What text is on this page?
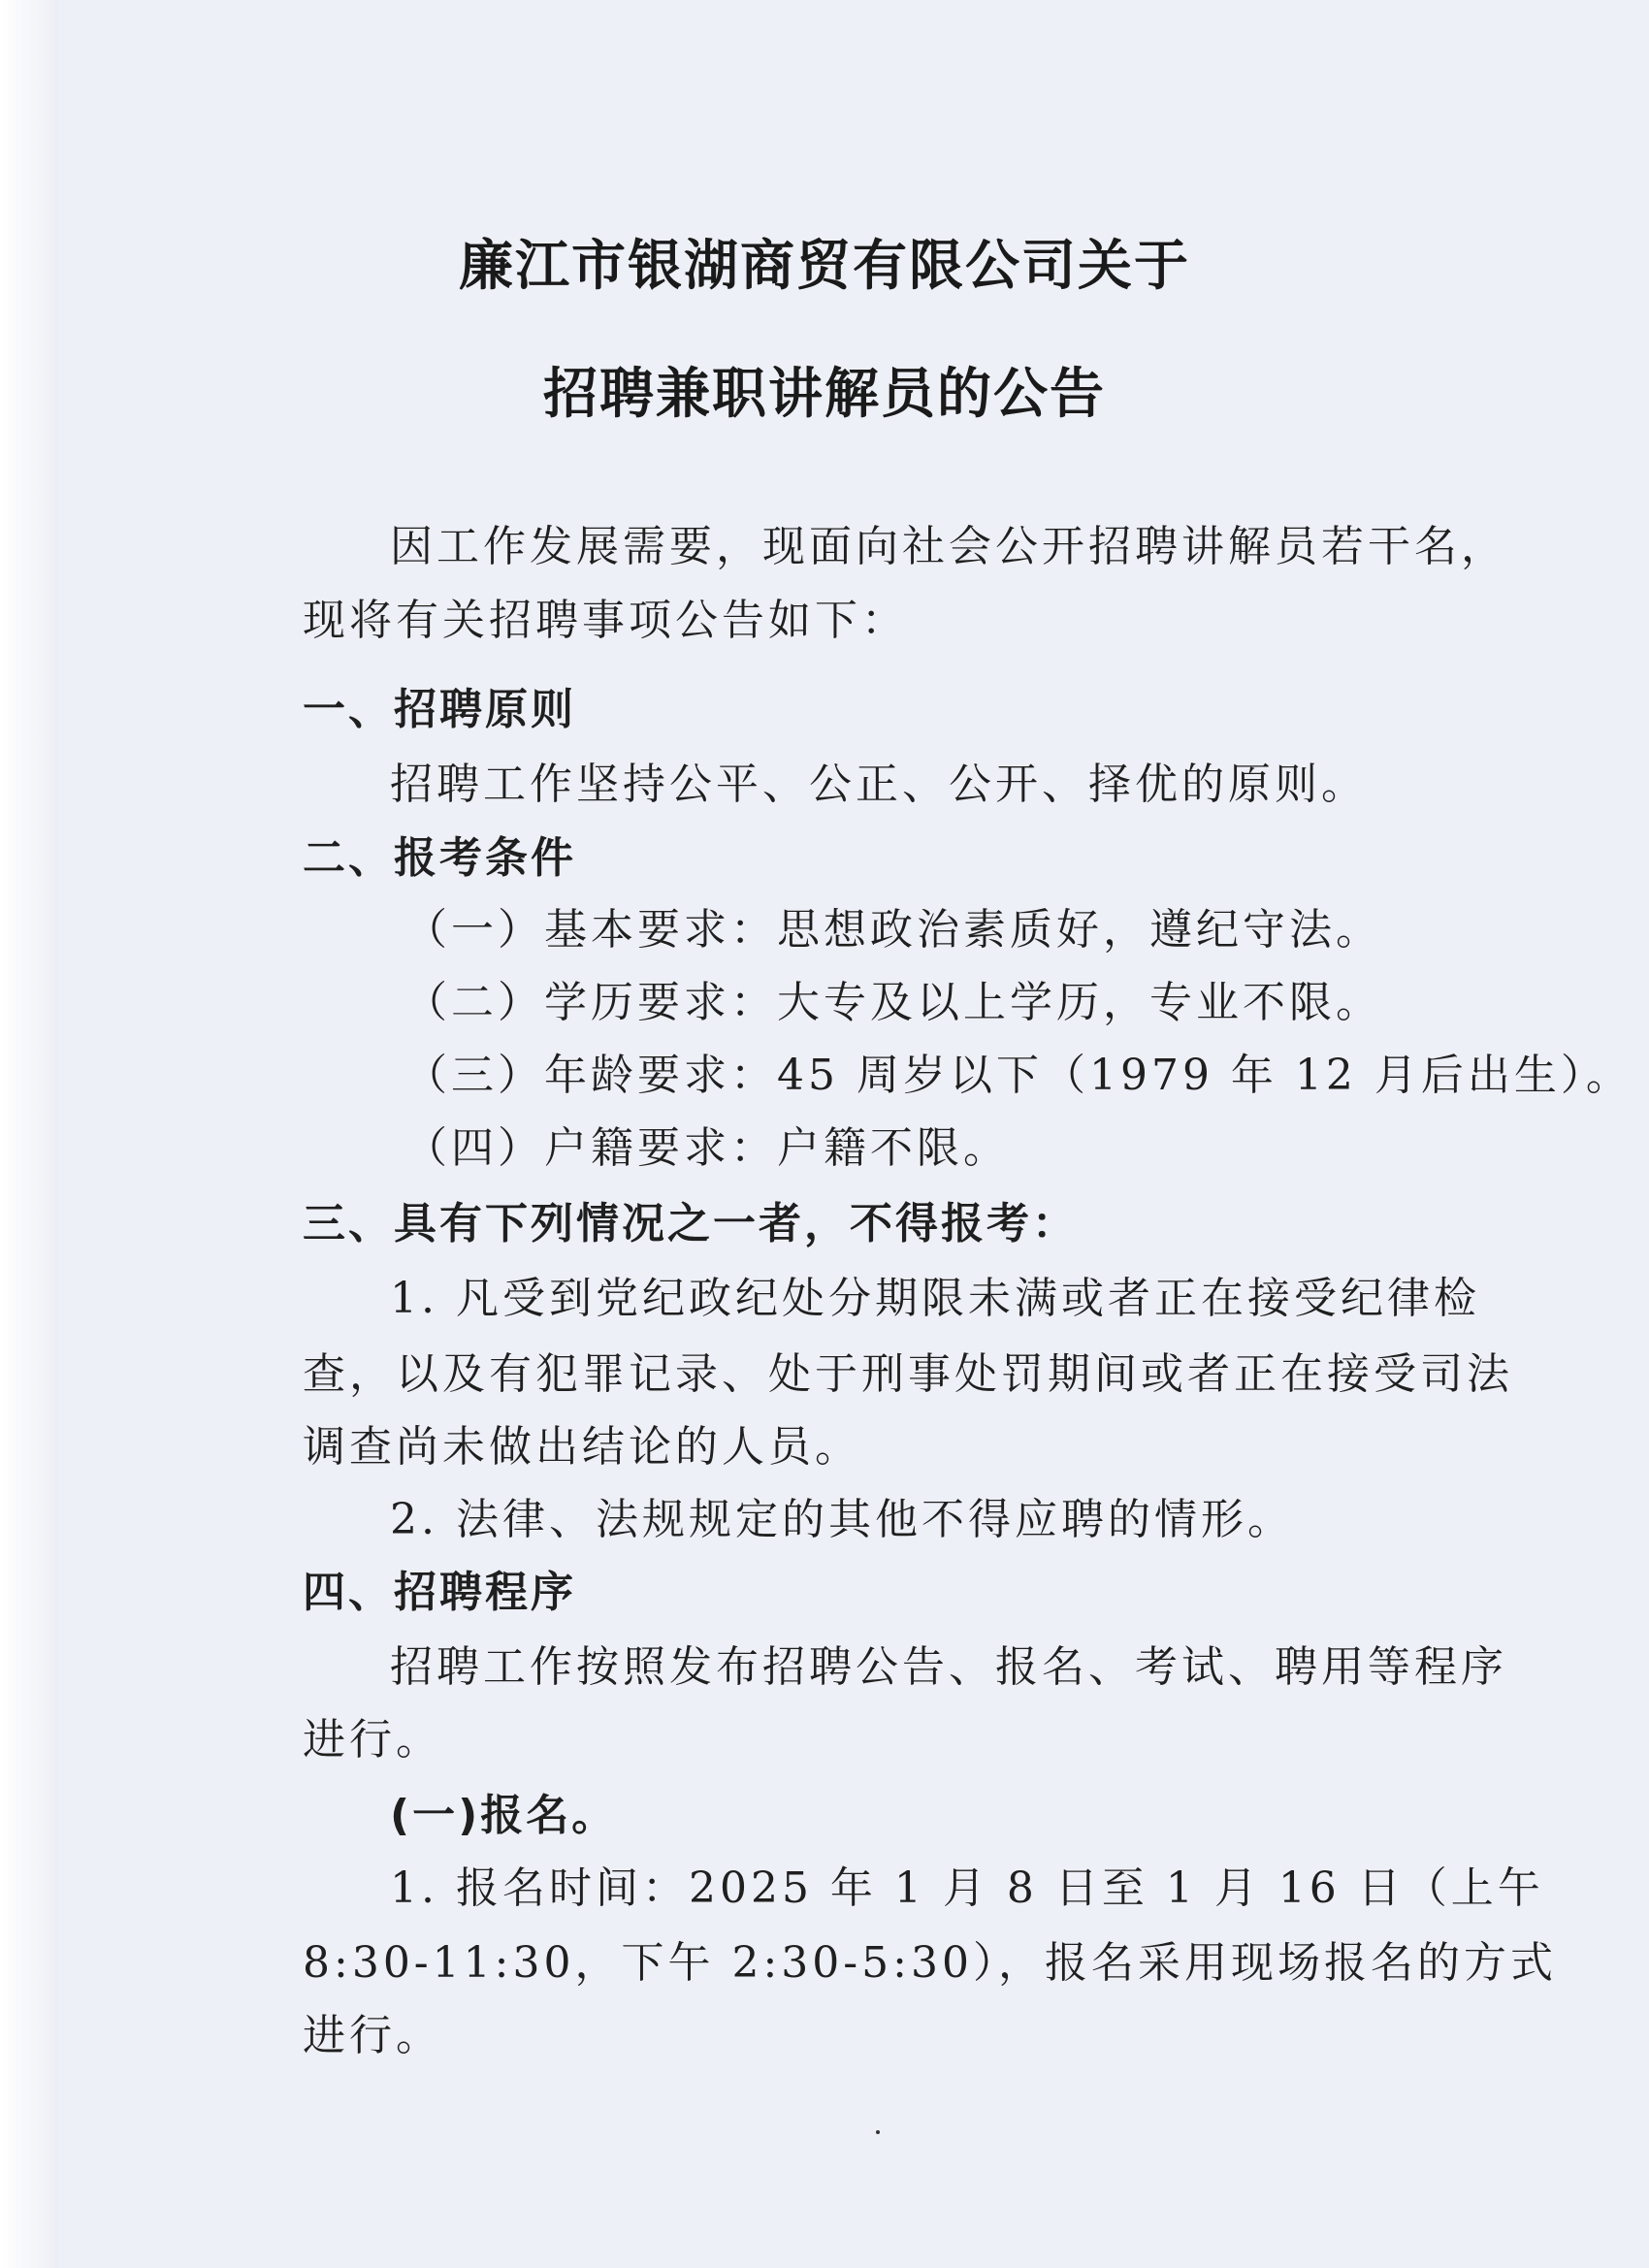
廉江市银湖商贸有限公司关于
招聘兼职讲解员的公告
因工作发展需要，现面向社会公开招聘讲解员若干名，
现将有关招聘事项公告如下：
一、招聘原则
招聘工作坚持公平、公正、公开、择优的原则。
二、报考条件
（一）基本要求：思想政治素质好，遵纪守法。
（二）学历要求：大专及以上学历，专业不限。
（三）年龄要求：45 周岁以下（1979 年 12 月后出生）。
（四）户籍要求：户籍不限。
三、具有下列情况之一者，不得报考：
1. 凡受到党纪政纪处分期限未满或者正在接受纪律检
查，以及有犯罪记录、处于刑事处罚期间或者正在接受司法
调查尚未做出结论的人员。
2. 法律、法规规定的其他不得应聘的情形。
四、招聘程序
招聘工作按照发布招聘公告、报名、考试、聘用等程序
进行。
(一)报名。
1. 报名时间：2025 年 1 月 8 日至 1 月 16 日（上午
8:30-11:30，下午 2:30-5:30），报名采用现场报名的方式
进行。
